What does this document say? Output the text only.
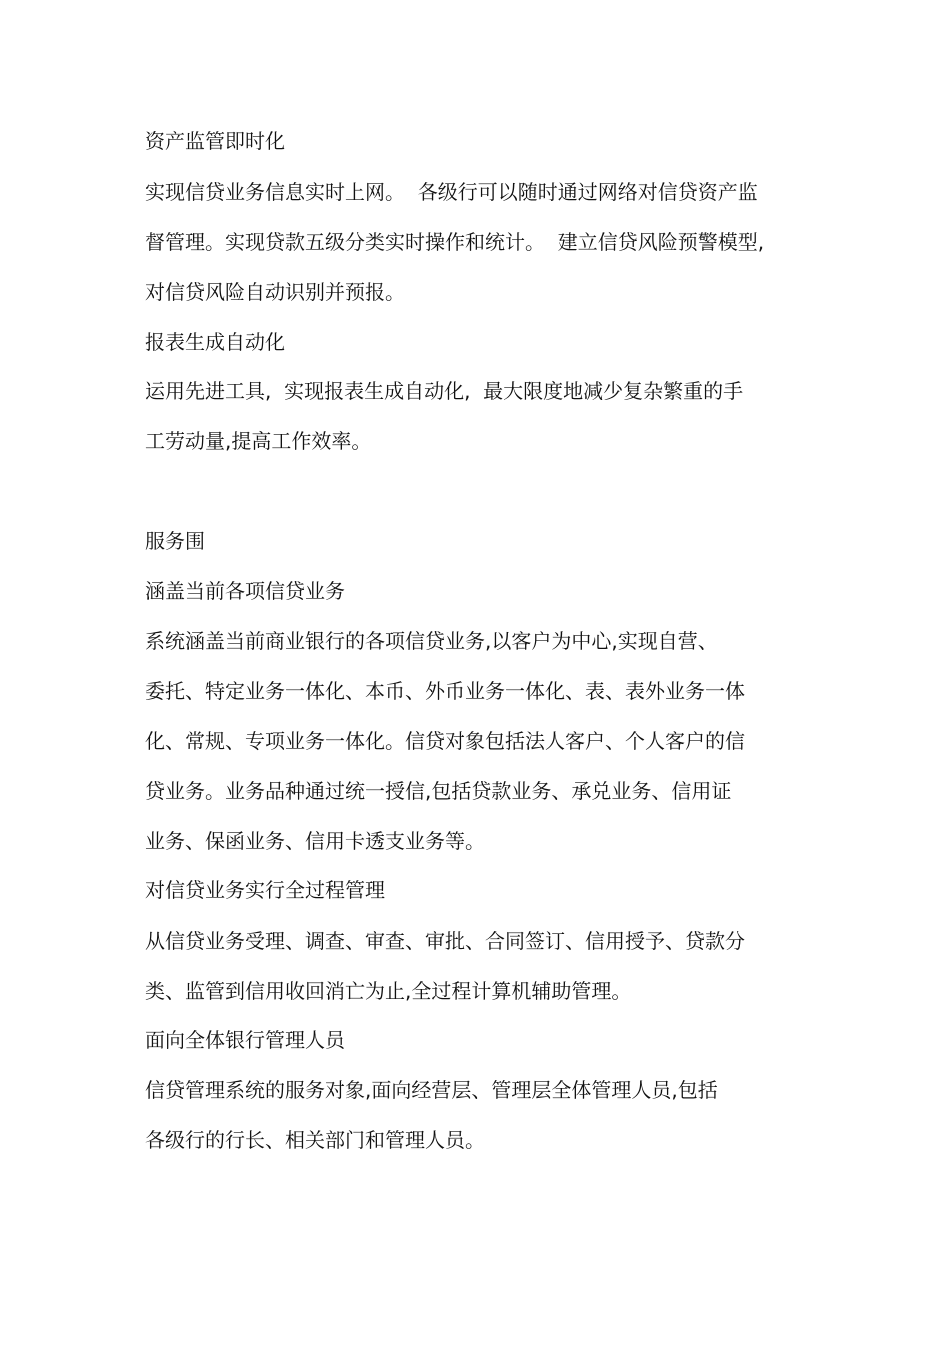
资产监管即时化
实现信贷业务信息实时上网。  各级行可以随时通过网络对信贷资产监
督管理。实现贷款五级分类实时操作和统计。  建立信贷风险预警模型,
对信贷风险自动识别并预报。
报表生成自动化
运用先进工具,  实现报表生成自动化,  最大限度地减少复杂繁重的手
工劳动量,提高工作效率。
服务围
涵盖当前各项信贷业务
系统涵盖当前商业银行的各项信贷业务,以客户为中心,实现自营、
委托、特定业务一体化、本币、外币业务一体化、表、表外业务一体
化、常规、专项业务一体化。信贷对象包括法人客户、个人客户的信
贷业务。业务品种通过统一授信,包括贷款业务、承兑业务、信用证
业务、保函业务、信用卡透支业务等。
对信贷业务实行全过程管理
从信贷业务受理、调查、审查、审批、合同签订、信用授予、贷款分
类、监管到信用收回消亡为止,全过程计算机辅助管理。
面向全体银行管理人员
信贷管理系统的服务对象,面向经营层、管理层全体管理人员,包括
各级行的行长、相关部门和管理人员。
